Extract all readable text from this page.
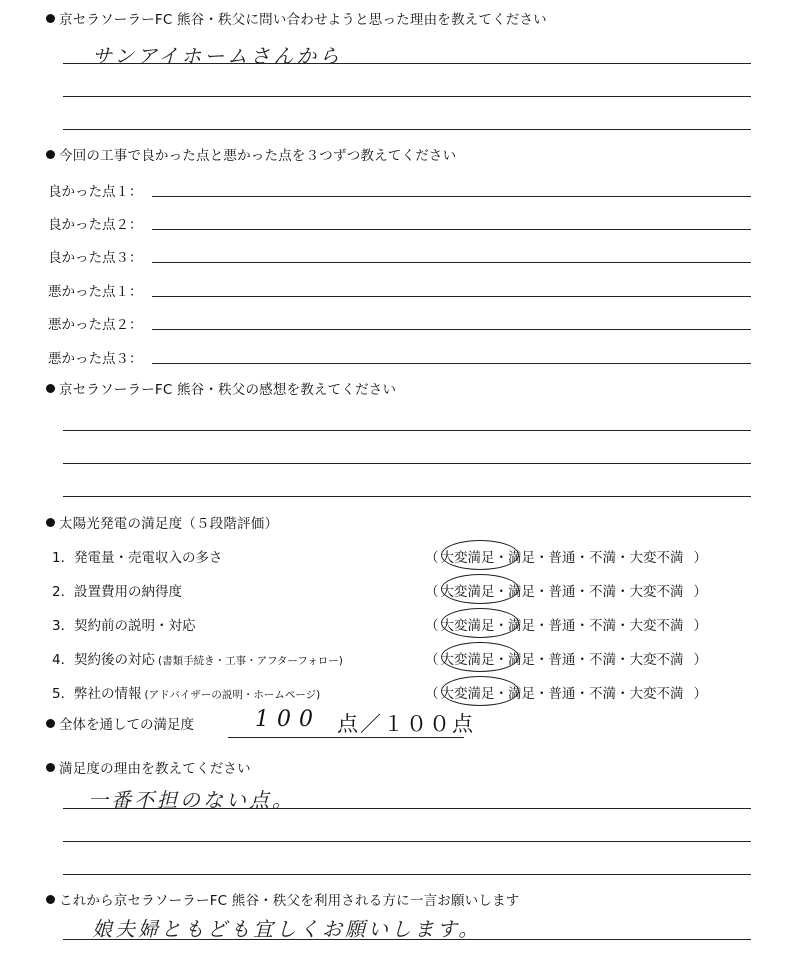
京セラソーラーFC 熊谷・秩父に問い合わせようと思った理由を教えてください
サンアイホームさんから
今回の工事で良かった点と悪かった点を３つずつ教えてください
良かった点１：
良かった点２：
良かった点３：
悪かった点１：
悪かった点２：
悪かった点３：
京セラソーラーFC 熊谷・秩父の感想を教えてください
太陽光発電の満足度（５段階評価）
1．発電量・売電収入の多さ	（ 大変満足・満足・普通・不満・大変不満 ）
2．設置費用の納得度	（ 大変満足・満足・普通・不満・大変不満 ）
3．契約前の説明・対応	（ 大変満足・満足・普通・不満・大変不満 ）
4．契約後の対応 (書類手続き・工事・アフターフォロー)	（ 大変満足・満足・普通・不満・大変不満 ）
5．弊社の情報 (アドバイザーの説明・ホームページ)	（ 大変満足・満足・普通・不満・大変不満 ）
全体を通しての満足度	100 点／１００点
満足度の理由を教えてください
一番不担のない点。
これから京セラソーラーFC 熊谷・秩父を利用される方に一言お願いします
娘夫婦ともども宜しくお願いします。
